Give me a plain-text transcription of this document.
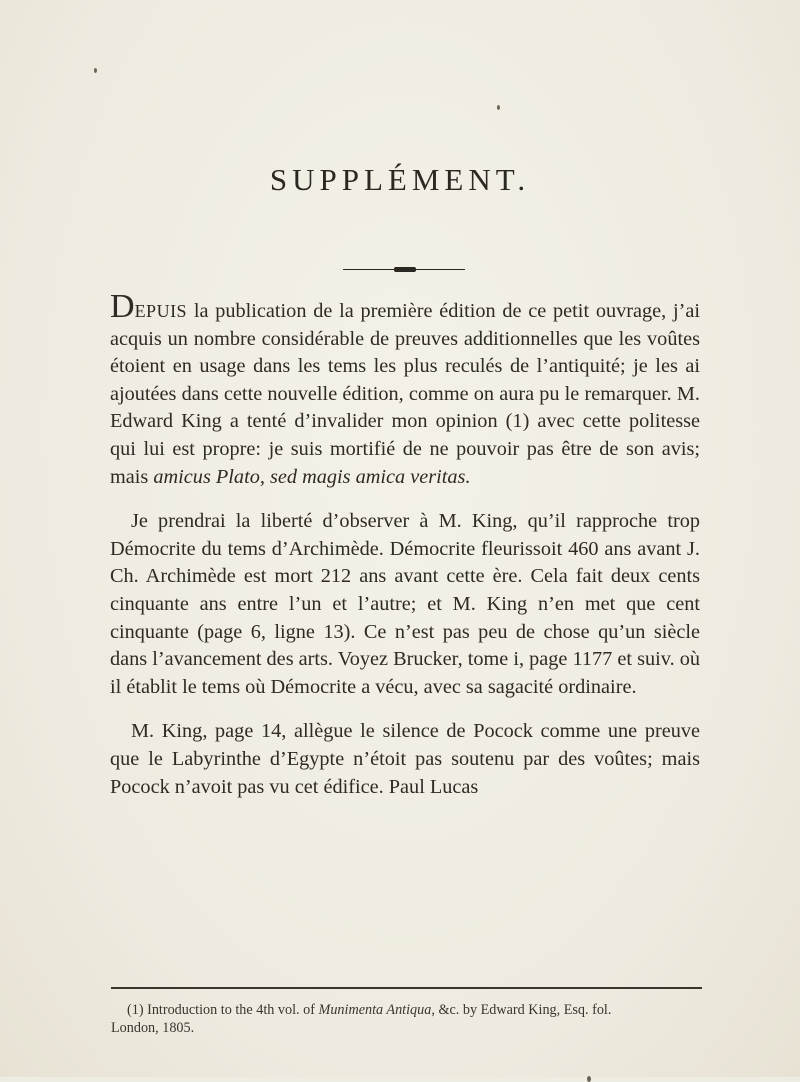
SUPPLÉMENT.

DEPUIS la publication de la première édition de ce petit ouvrage, j’ai acquis un nombre considérable de preuves additionnelles que les voûtes étoient en usage dans les tems les plus reculés de l’antiquité; je les ai ajoutées dans cette nouvelle édition, comme on aura pu le remarquer. M. Edward King a tenté d’invalider mon opinion (1) avec cette politesse qui lui est propre: je suis mortifié de ne pouvoir pas être de son avis; mais amicus Plato, sed magis amica veritas.

Je prendrai la liberté d’observer à M. King, qu’il rapproche trop Démocrite du tems d’Archimède. Démocrite fleurissoit 460 ans avant J. Ch. Archimède est mort 212 ans avant cette ère. Cela fait deux cents cinquante ans entre l’un et l’autre; et M. King n’en met que cent cinquante (page 6, ligne 13). Ce n’est pas peu de chose qu’un siècle dans l’avancement des arts. Voyez Brucker, tome i, page 1177 et suiv. où il établit le tems où Démocrite a vécu, avec sa sagacité ordinaire.

M. King, page 14, allègue le silence de Pocock comme une preuve que le Labyrinthe d’Egypte n’étoit pas soutenu par des voûtes; mais Pocock n’avoit pas vu cet édifice. Paul Lucas

(1) Introduction to the 4th vol. of Munimenta Antiqua, &c. by Edward King, Esq. fol.
London, 1805.
